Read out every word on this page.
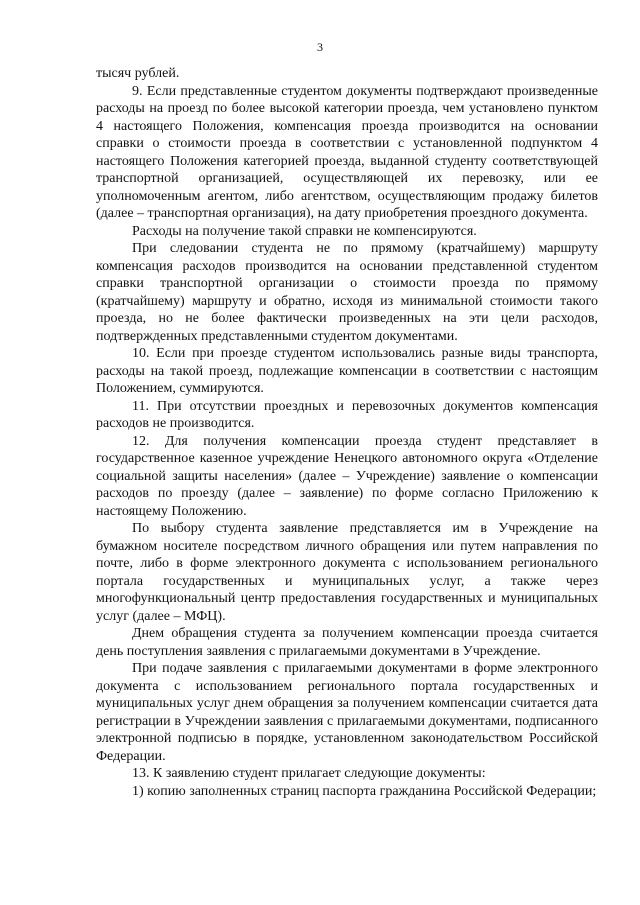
3

тысяч рублей.

9. Если представленные студентом документы подтверждают произведенные расходы на проезд по более высокой категории проезда, чем установлено пунктом 4 настоящего Положения, компенсация проезда производится на основании справки о стоимости проезда в соответствии с установленной подпунктом 4 настоящего Положения категорией проезда, выданной студенту соответствующей транспортной организацией, осуществляющей их перевозку, или ее уполномоченным агентом, либо агентством, осуществляющим продажу билетов (далее – транспортная организация), на дату приобретения проездного документа.

Расходы на получение такой справки не компенсируются.

При следовании студента не по прямому (кратчайшему) маршруту компенсация расходов производится на основании представленной студентом справки транспортной организации о стоимости проезда по прямому (кратчайшему) маршруту и обратно, исходя из минимальной стоимости такого проезда, но не более фактически произведенных на эти цели расходов, подтвержденных представленными студентом документами.

10. Если при проезде студентом использовались разные виды транспорта, расходы на такой проезд, подлежащие компенсации в соответствии с настоящим Положением, суммируются.

11. При отсутствии проездных и перевозочных документов компенсация расходов не производится.

12. Для получения компенсации проезда студент представляет в государственное казенное учреждение Ненецкого автономного округа «Отделение социальной защиты населения» (далее – Учреждение) заявление о компенсации расходов по проезду (далее – заявление) по форме согласно Приложению к настоящему Положению.

По выбору студента заявление представляется им в Учреждение на бумажном носителе посредством личного обращения или путем направления по почте, либо в форме электронного документа с использованием регионального портала государственных и муниципальных услуг, а также через многофункциональный центр предоставления государственных и муниципальных услуг (далее – МФЦ).

Днем обращения студента за получением компенсации проезда считается день поступления заявления с прилагаемыми документами в Учреждение.

При подаче заявления с прилагаемыми документами в форме электронного документа с использованием регионального портала государственных и муниципальных услуг днем обращения за получением компенсации считается дата регистрации в Учреждении заявления с прилагаемыми документами, подписанного электронной подписью в порядке, установленном законодательством Российской Федерации.

13. К заявлению студент прилагает следующие документы:

1) копию заполненных страниц паспорта гражданина Российской Федерации;
